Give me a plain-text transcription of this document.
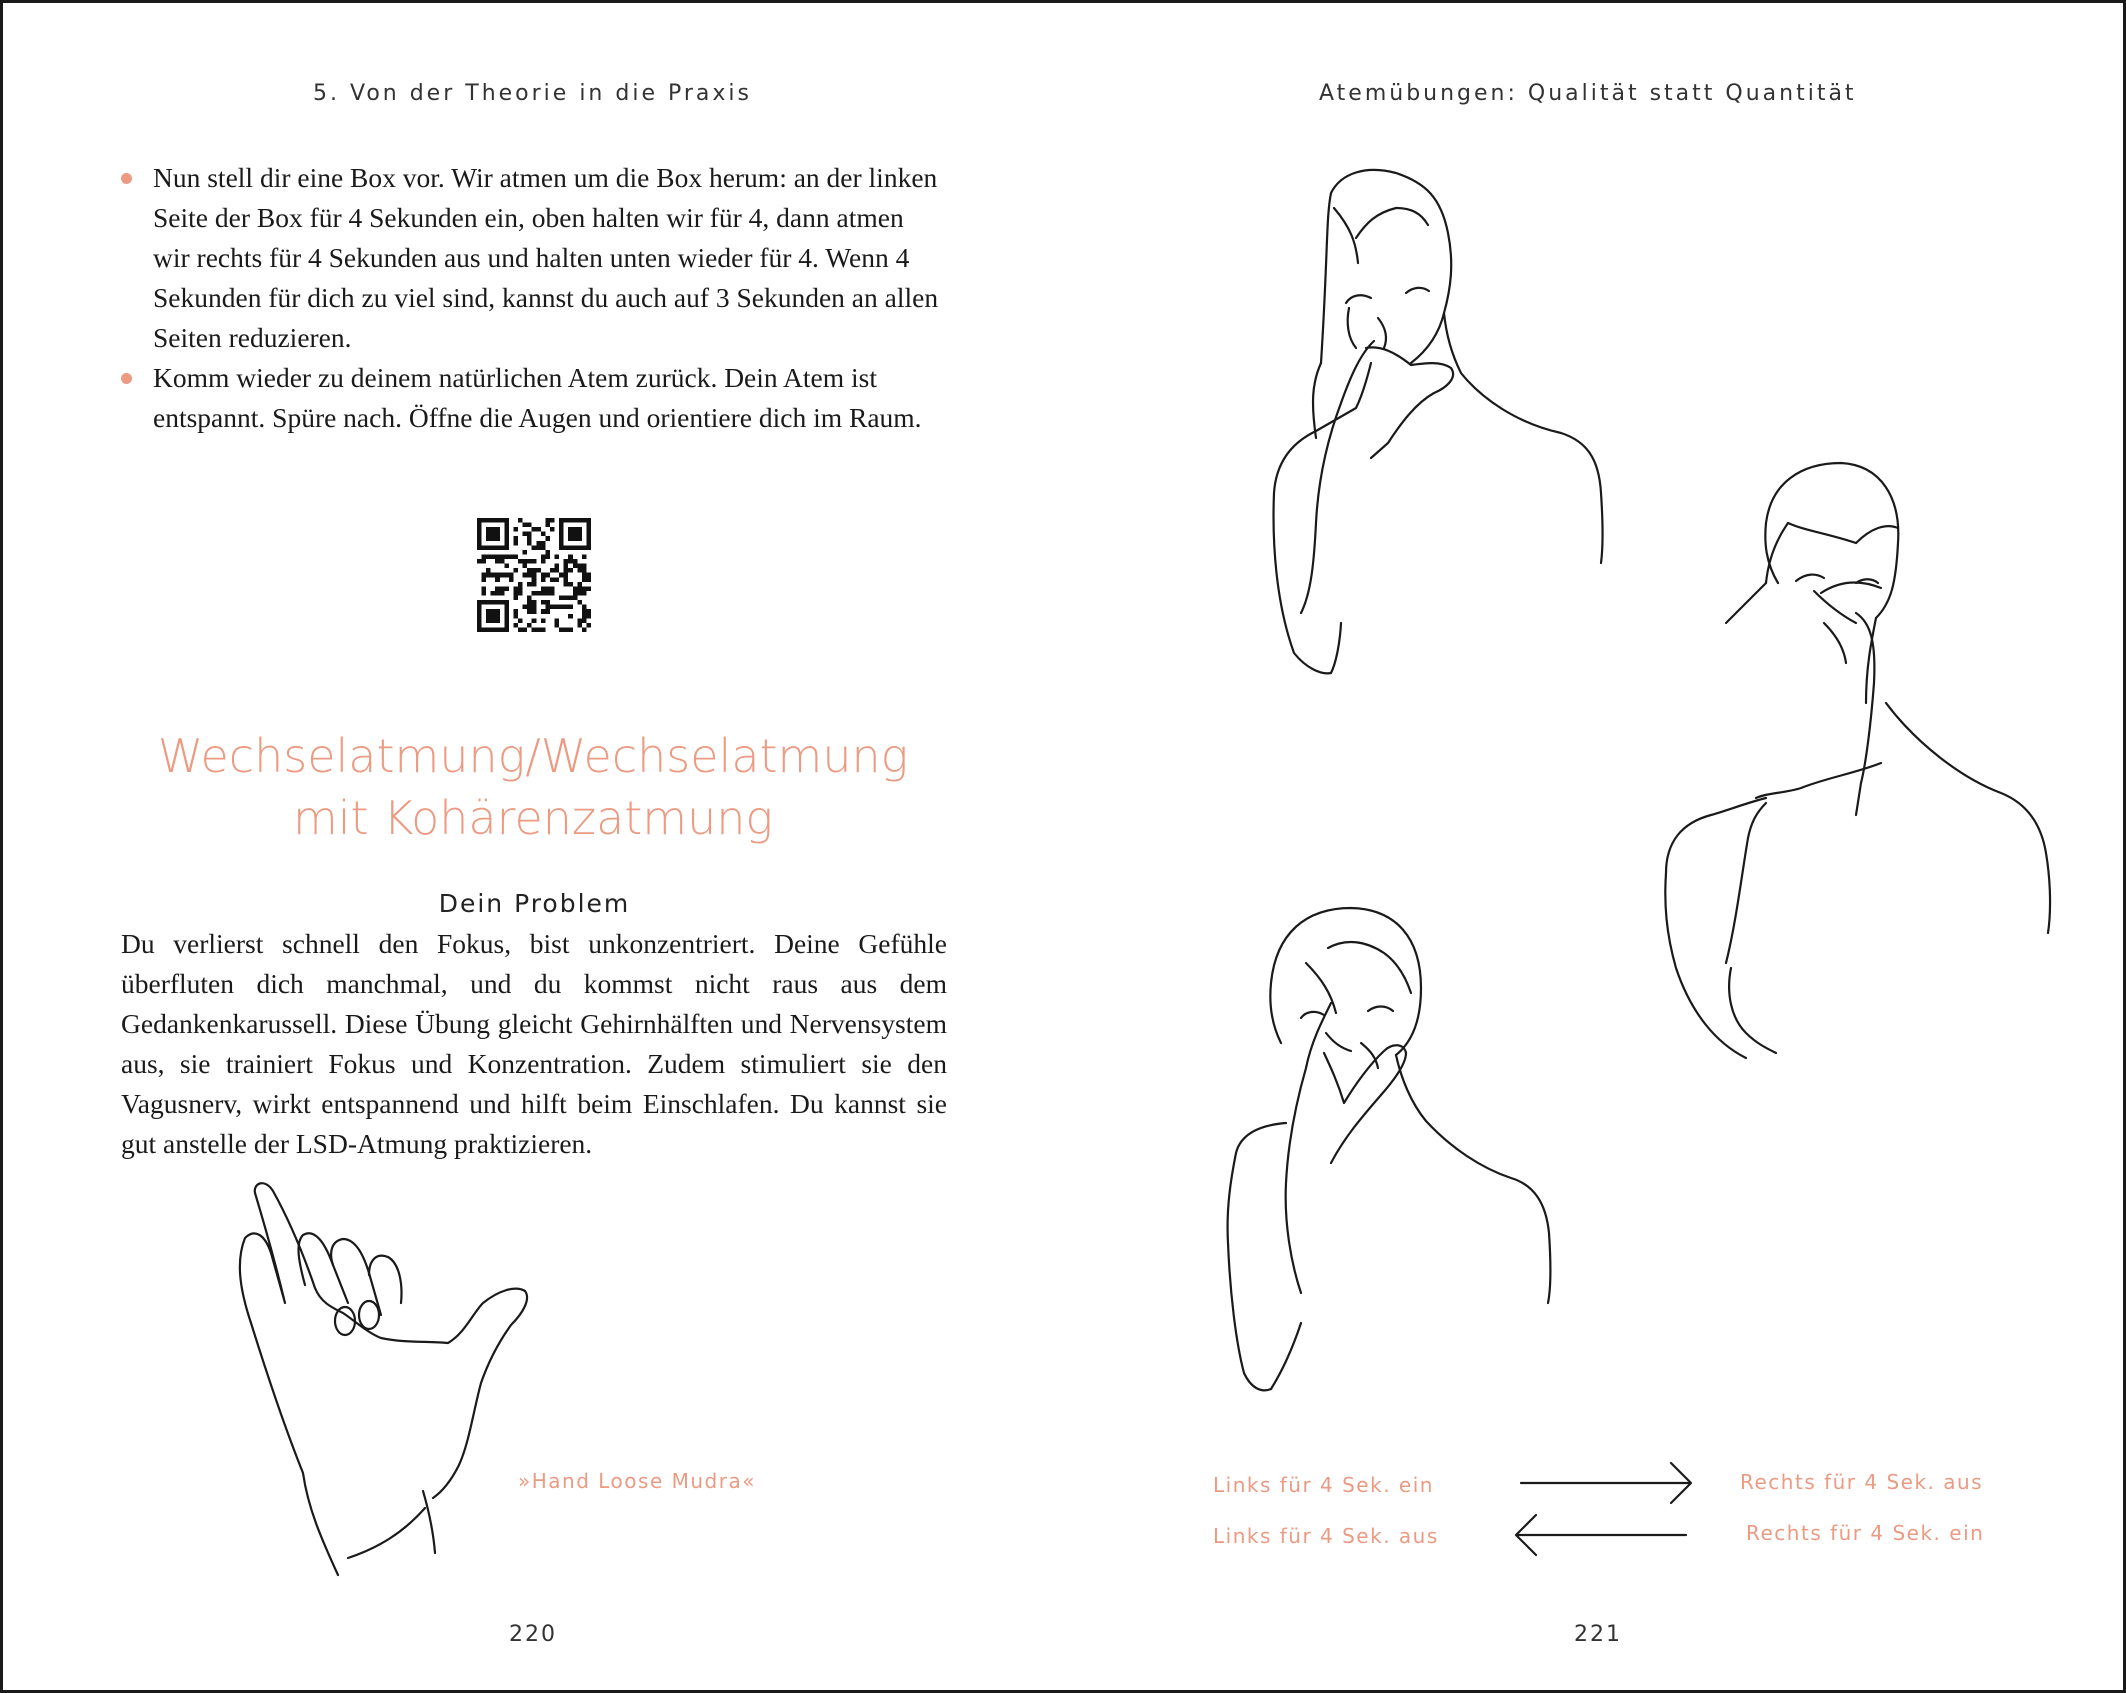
5. Von der Theorie in die Praxis
Nun stell dir eine Box vor. Wir atmen um die Box herum: an der linken Seite der Box für 4 Sekunden ein, oben halten wir für 4, dann atmen wir rechts für 4 Sekunden aus und halten unten wieder für 4. Wenn 4 Sekunden für dich zu viel sind, kannst du auch auf 3 Sekunden an allen Seiten reduzieren.
Komm wieder zu deinem natürlichen Atem zurück. Dein Atem ist entspannt. Spüre nach. Öffne die Augen und orientiere dich im Raum.
Wechselatmung/Wechselatmung
mit Kohärenzatmung
Dein Problem

Du verlierst schnell den Fokus, bist unkonzentriert. Deine Gefühle überfluten dich manchmal, und du kommst nicht raus aus dem Gedankenkarussell. Diese Übung gleicht Gehirnhälften und Nervensystem aus, sie trainiert Fokus und Konzentration. Zudem stimuliert sie den Vagusnerv, wirkt entspannend und hilft beim Einschlafen. Du kannst sie gut anstelle der LSD-Atmung praktizieren.

»Hand Loose Mudra«
220
Atemübungen: Qualität statt Quantität
Links für 4 Sek. ein
Links für 4 Sek. aus
Rechts für 4 Sek. aus
Rechts für 4 Sek. ein
221
